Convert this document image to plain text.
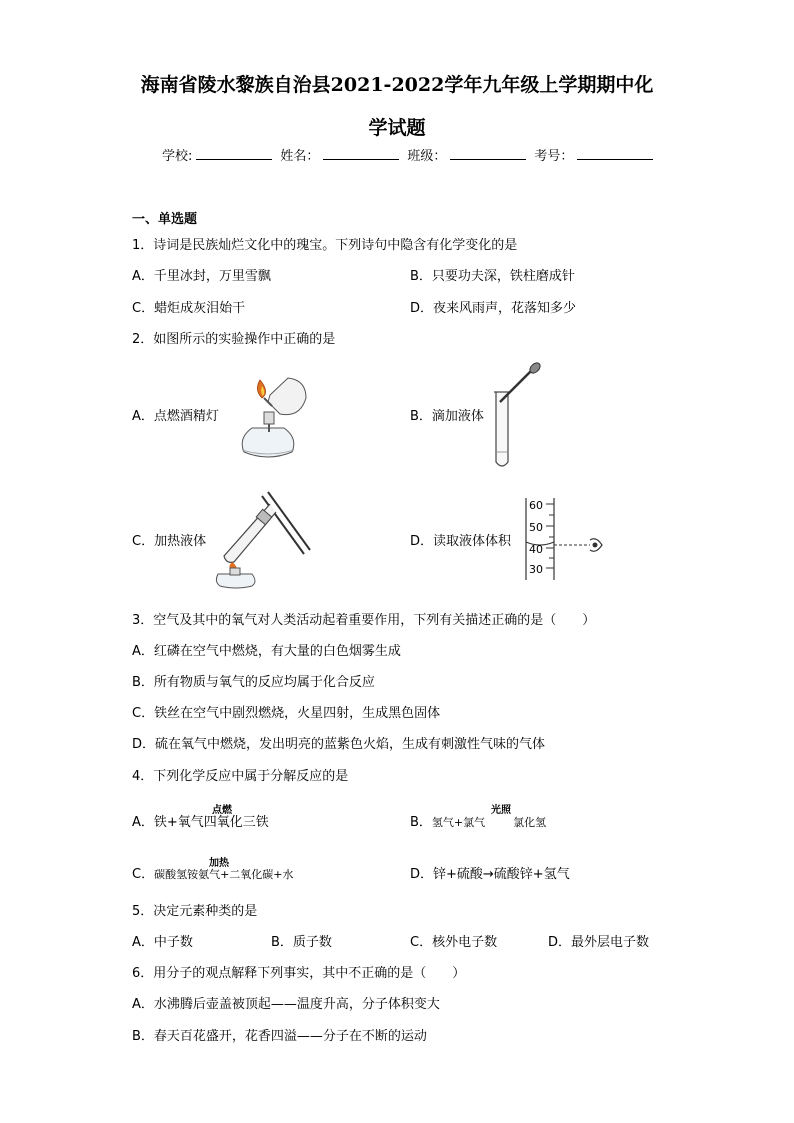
海南省陵水黎族自治县2021-2022学年九年级上学期期中化
学试题
学校:	姓名：	班级：	考号：
一、单选题
1．诗词是民族灿烂文化中的瑰宝。下列诗句中隐含有化学变化的是
A．千里冰封，万里雪飘	B．只要功夫深，铁柱磨成针
C．蜡炬成灰泪始干	D．夜来风雨声，花落知多少
2．如图所示的实验操作中正确的是
A．点燃酒精灯	B．滴加液体
C．加热液体	D．读取液体体积
60
50
40
30
3．空气及其中的氧气对人类活动起着重要作用，下列有关描述正确的是（　　）
A．红磷在空气中燃烧，有大量的白色烟雾生成
B．所有物质与氧气的反应均属于化合反应
C．铁丝在空气中剧烈燃烧，火星四射，生成黑色固体
D．硫在氧气中燃烧，发出明亮的蓝紫色火焰，生成有刺激性气味的气体
4．下列化学反应中属于分解反应的是
A．铁+氧气四氧化三铁
点燃
B．氢气+氯气	氯化氢
光照
C．碳酸氢铵氨气+二氧化碳+水
加热
D．锌+硫酸→硫酸锌+氢气
5．决定元素种类的是
A．中子数	B．质子数	C．核外电子数	D．最外层电子数
6．用分子的观点解释下列事实，其中不正确的是（　　）
A．水沸腾后壶盖被顶起——温度升高，分子体积变大
B．春天百花盛开，花香四溢——分子在不断的运动
